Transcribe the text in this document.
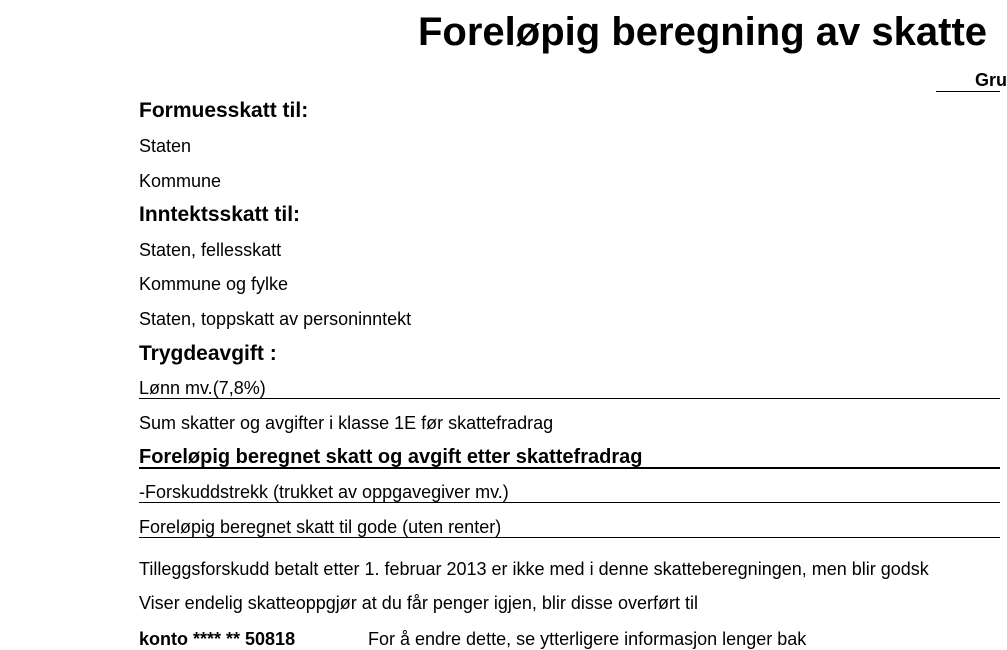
Foreløpig beregning av skatte
Gru
Formuesskatt til:
Staten
Kommune
Inntektsskatt til:
Staten, fellesskatt
Kommune og fylke
Staten, toppskatt av personinntekt
Trygdeavgift :
Lønn mv.(7,8%)
Sum skatter og avgifter i klasse 1E før skattefradrag
Foreløpig beregnet skatt og avgift etter skattefradrag
-Forskuddstrekk (trukket av oppgavegiver mv.)
Foreløpig beregnet skatt til gode (uten renter)
Tilleggsforskudd betalt etter 1. februar 2013 er ikke med i denne skatteberegningen, men blir godsk
Viser endelig skatteoppgjør at du får penger igjen, blir disse overført til
konto **** ** 50818	For å endre dette, se ytterligere informasjon lenger bak
